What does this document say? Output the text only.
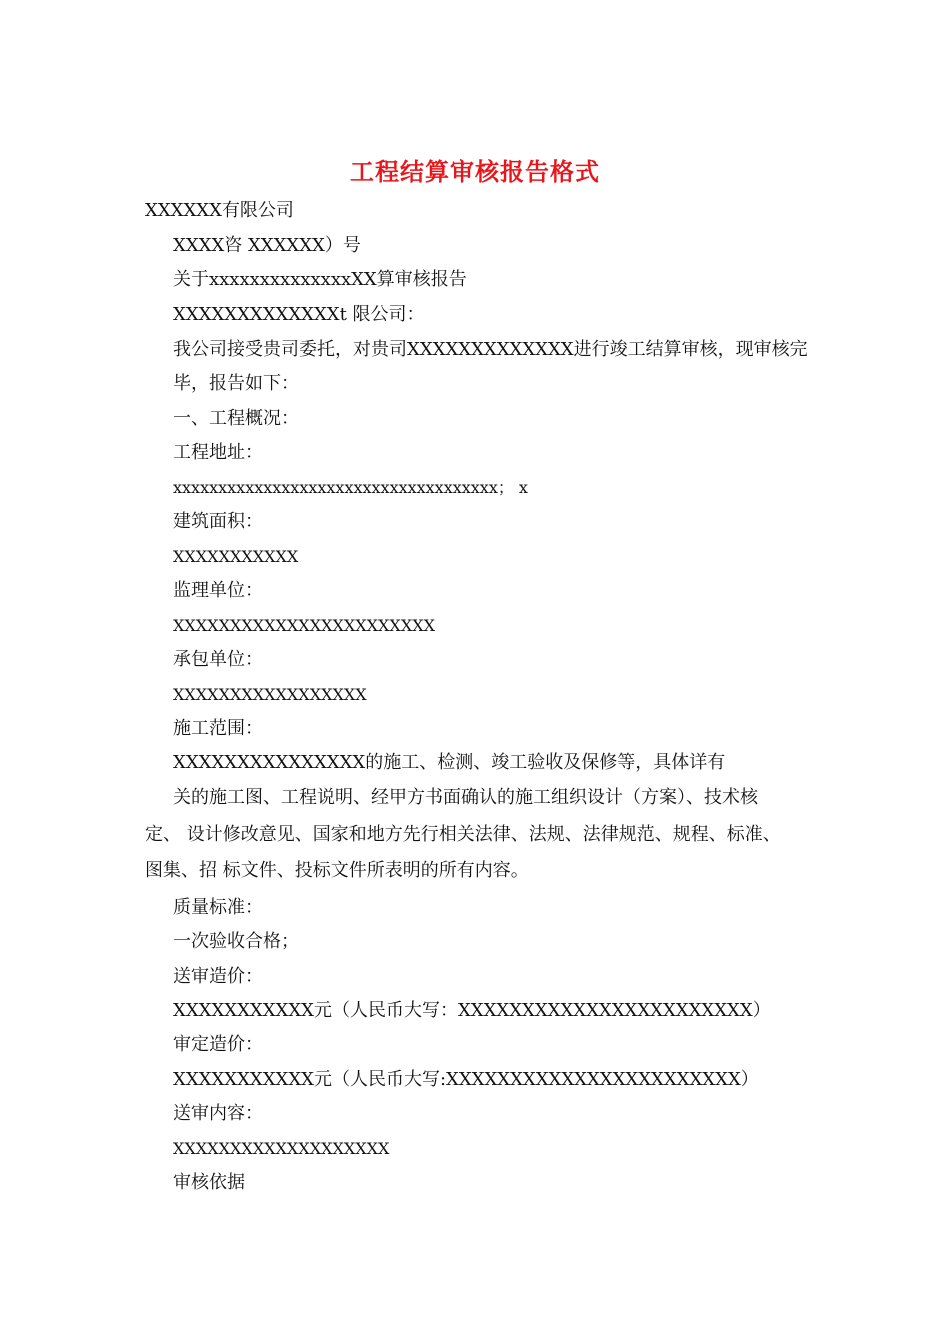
工程结算审核报告格式
XXXXXX有限公司
XXXX咨 XXXXXX）号
关于xxxxxxxxxxxxxxXX算审核报告
XXXXXXXXXXXXXt 限公司：
我公司接受贵司委托，对贵司XXXXXXXXXXXXX进行竣工结算审核，现审核完
毕，报告如下：
一、工程概况：
工程地址：
xxxxxxxxxxxxxxxxxxxxxxxxxxxxxxxxxxxx； x
建筑面积：
XXXXXXXXXXX
监理单位：
XXXXXXXXXXXXXXXXXXXXXXX
承包单位：
XXXXXXXXXXXXXXXXX
施工范围：
XXXXXXXXXXXXXXX的施工、检测、竣工验收及保修等，具体详有
关的施工图、工程说明、经甲方书面确认的施工组织设计（方案）、技术核
定、 设计修改意见、国家和地方先行相关法律、法规、法律规范、规程、标准、
图集、招 标文件、投标文件所表明的所有内容。
质量标准：
一次验收合格；
送审造价：
XXXXXXXXXXX元（人民币大写：XXXXXXXXXXXXXXXXXXXXXXX）
审定造价：
XXXXXXXXXXX元（人民币大写:XXXXXXXXXXXXXXXXXXXXXXX）
送审内容：
XXXXXXXXXXXXXXXXXXX
审核依据
